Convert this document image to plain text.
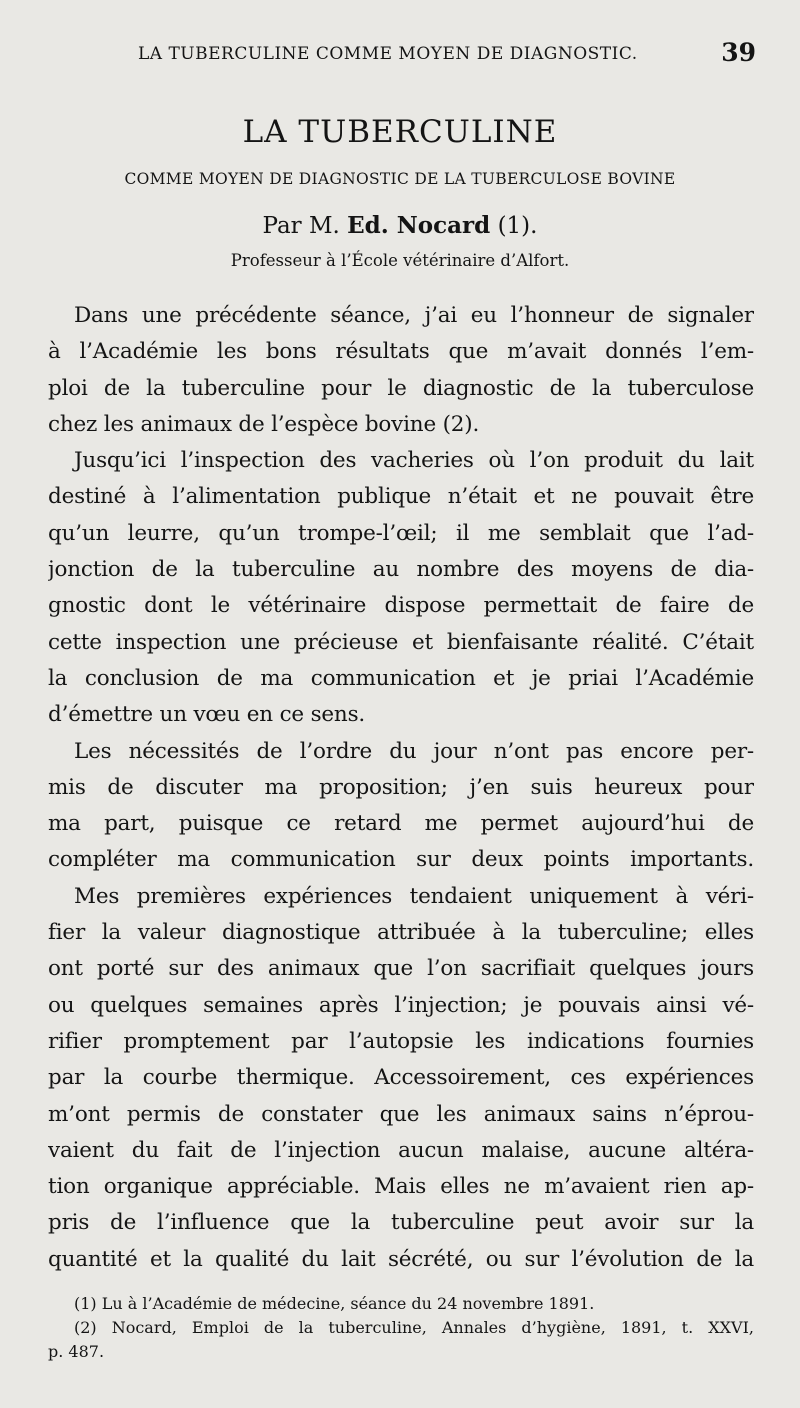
LA TUBERCULINE COMME MOYEN DE DIAGNOSTIC.	39
LA TUBERCULINE
COMME MOYEN DE DIAGNOSTIC DE LA TUBERCULOSE BOVINE
Par M. Ed. Nocard (1).
Professeur à l’École vétérinaire d’Alfort.
Dans une précédente séance, j’ai eu l’honneur de signaler
à l’Académie les bons résultats que m’avait donnés l’em-
ploi de la tuberculine pour le diagnostic de la tuberculose
chez les animaux de l’espèce bovine (2).
Jusqu’ici l’inspection des vacheries où l’on produit du lait
destiné à l’alimentation publique n’était et ne pouvait être
qu’un leurre, qu’un trompe-l’œil; il me semblait que l’ad-
jonction de la tuberculine au nombre des moyens de dia-
gnostic dont le vétérinaire dispose permettait de faire de
cette inspection une précieuse et bienfaisante réalité. C’était
la conclusion de ma communication et je priai l’Académie
d’émettre un vœu en ce sens.
Les nécessités de l’ordre du jour n’ont pas encore per-
mis de discuter ma proposition; j’en suis heureux pour
ma part, puisque ce retard me permet aujourd’hui de
compléter ma communication sur deux points importants.
Mes premières expériences tendaient uniquement à véri-
fier la valeur diagnostique attribuée à la tuberculine; elles
ont porté sur des animaux que l’on sacrifiait quelques jours
ou quelques semaines après l’injection; je pouvais ainsi vé-
rifier promptement par l’autopsie les indications fournies
par la courbe thermique. Accessoirement, ces expériences
m’ont permis de constater que les animaux sains n’éprou-
vaient du fait de l’injection aucun malaise, aucune altéra-
tion organique appréciable. Mais elles ne m’avaient rien ap-
pris de l’influence que la tuberculine peut avoir sur la
quantité et la qualité du lait sécrété, ou sur l’évolution de la
(1) Lu à l’Académie de médecine, séance du 24 novembre 1891.
(2) Nocard, Emploi de la tuberculine, Annales d’hygiène, 1891, t. XXVI,
p. 487.
